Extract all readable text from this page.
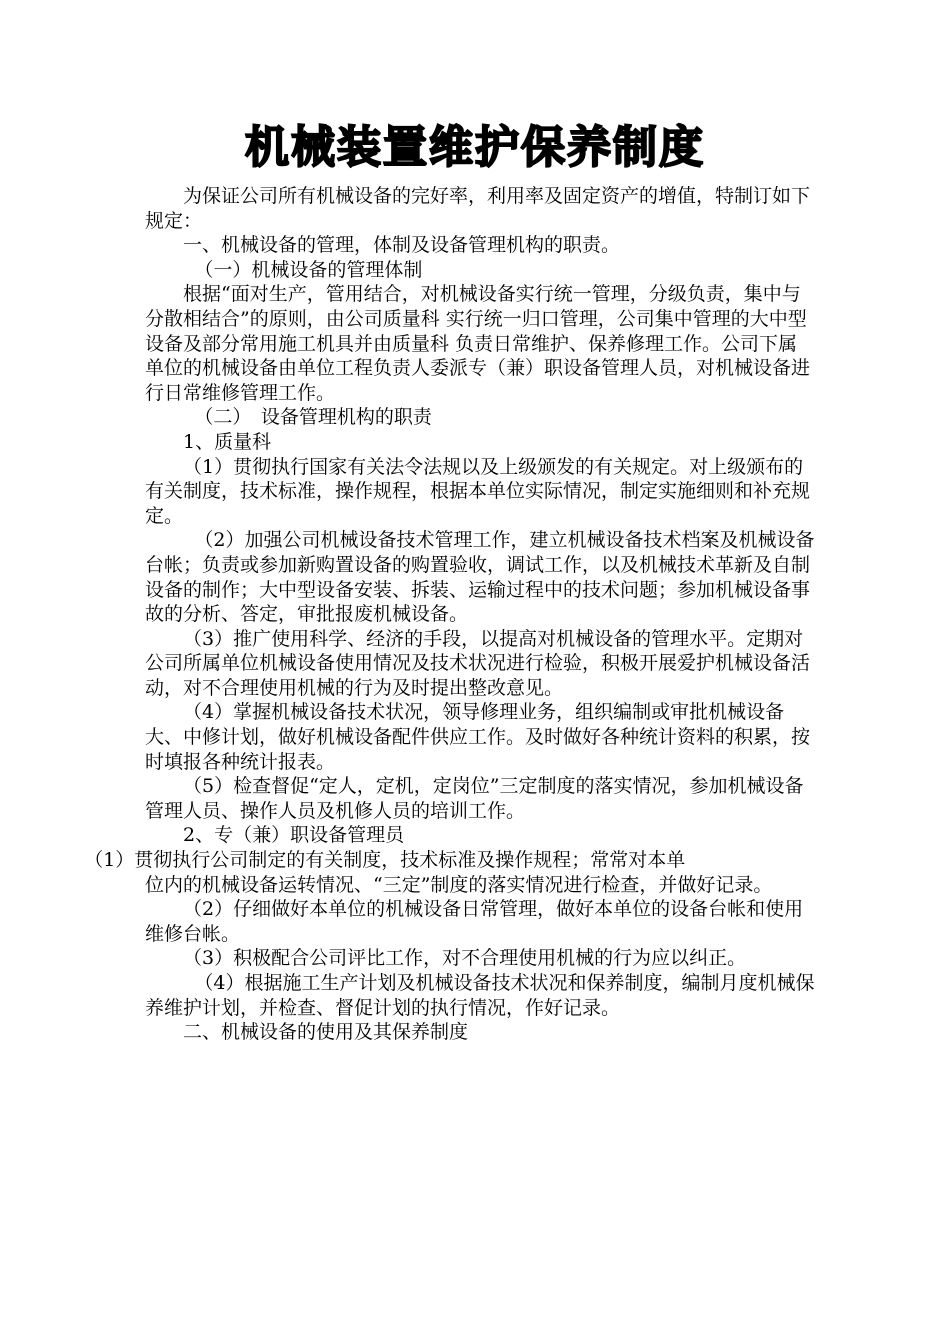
机械装置维护保养制度

为保证公司所有机械设备的完好率，利用率及固定资产的增值，特制订如下规定：

一、机械设备的管理，体制及设备管理机构的职责。

（一）机械设备的管理体制

根据“面对生产，管用结合，对机械设备实行统一管理，分级负责，集中与分散相结合”的原则，由公司质量科 实行统一归口管理，公司集中管理的大中型设备及部分常用施工机具并由质量科 负责日常维护、保养修理工作。公司下属单位的机械设备由单位工程负责人委派专（兼）职设备管理人员，对机械设备进行日常维修管理工作。

（二）　设备管理机构的职责

1、质量科

（1）贯彻执行国家有关法令法规以及上级颁发的有关规定。对上级颁布的有关制度，技术标准，操作规程，根据本单位实际情况，制定实施细则和补充规定。

（2）加强公司机械设备技术管理工作，建立机械设备技术档案及机械设备台帐；负责或参加新购置设备的购置验收，调试工作，以及机械技术革新及自制设备的制作；大中型设备安装、拆装、运输过程中的技术问题；参加机械设备事故的分析、答定，审批报废机械设备。

（3）推广使用科学、经济的手段，以提高对机械设备的管理水平。定期对公司所属单位机械设备使用情况及技术状况进行检验，积极开展爱护机械设备活动，对不合理使用机械的行为及时提出整改意见。

（4）掌握机械设备技术状况，领导修理业务，组织编制或审批机械设备大、中修计划，做好机械设备配件供应工作。及时做好各种统计资料的积累，按时填报各种统计报表。

（5）检查督促“定人，定机，定岗位”三定制度的落实情况，参加机械设备管理人员、操作人员及机修人员的培训工作。

2、专（兼）职设备管理员

（1）贯彻执行公司制定的有关制度，技术标准及操作规程；常常对本单

位内的机械设备运转情况、“三定”制度的落实情况进行检查，并做好记录。

（2）仔细做好本单位的机械设备日常管理，做好本单位的设备台帐和使用维修台帐。

（3）积极配合公司评比工作，对不合理使用机械的行为应以纠正。

（4）根据施工生产计划及机械设备技术状况和保养制度，编制月度机械保养维护计划，并检查、督促计划的执行情况，作好记录。

二、机械设备的使用及其保养制度
